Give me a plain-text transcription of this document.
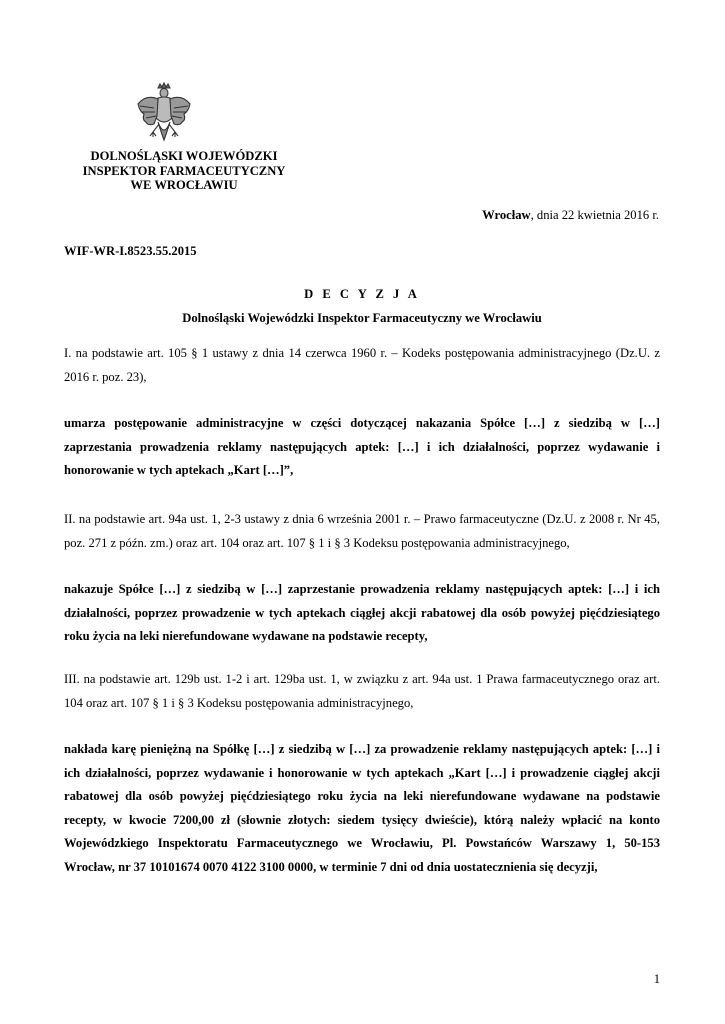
DOLNOŚLĄSKI WOJEWÓDZKI
INSPEKTOR FARMACEUTYCZNY
WE WROCŁAWIU
Wrocław, dnia 22 kwietnia 2016 r.
WIF-WR-I.8523.55.2015
D E C Y Z J A
Dolnośląski Wojewódzki Inspektor Farmaceutyczny we Wrocławiu

I. na podstawie art. 105 § 1 ustawy z dnia 14 czerwca 1960 r. – Kodeks postępowania administracyjnego (Dz.U. z 2016 r. poz. 23),

umarza postępowanie administracyjne w części dotyczącej nakazania Spółce […] z siedzibą w […] zaprzestania prowadzenia reklamy następujących aptek: […] i ich działalności, poprzez wydawanie i honorowanie w tych aptekach „Kart […]”,

II. na podstawie art. 94a ust. 1, 2-3 ustawy z dnia 6 września 2001 r. – Prawo farmaceutyczne (Dz.U. z 2008 r. Nr 45, poz. 271 z późn. zm.) oraz art. 104 oraz art. 107 § 1 i § 3 Kodeksu postępowania administracyjnego,

nakazuje Spółce […] z siedzibą w […] zaprzestanie prowadzenia reklamy następujących aptek: […] i ich działalności, poprzez prowadzenie w tych aptekach ciągłej akcji rabatowej dla osób powyżej pięćdziesiątego roku życia na leki nierefundowane wydawane na podstawie recepty,

III. na podstawie art. 129b ust. 1-2 i art. 129ba ust. 1, w związku z art. 94a ust. 1 Prawa farmaceutycznego oraz art. 104 oraz art. 107 § 1 i § 3 Kodeksu postępowania administracyjnego,

nakłada karę pieniężną na Spółkę […] z siedzibą w […] za prowadzenie reklamy następujących aptek: […] i ich działalności, poprzez wydawanie i honorowanie w tych aptekach „Kart […] i prowadzenie ciągłej akcji rabatowej dla osób powyżej pięćdziesiątego roku życia na leki nierefundowane wydawane na podstawie recepty, w kwocie 7200,00 zł (słownie złotych: siedem tysięcy dwieście), którą należy wpłacić na konto Wojewódzkiego Inspektoratu Farmaceutycznego we Wrocławiu, Pl. Powstańców Warszawy 1, 50-153 Wrocław, nr 37 10101674 0070 4122 3100 0000, w terminie 7 dni od dnia uostatecznienia się decyzji,

1
